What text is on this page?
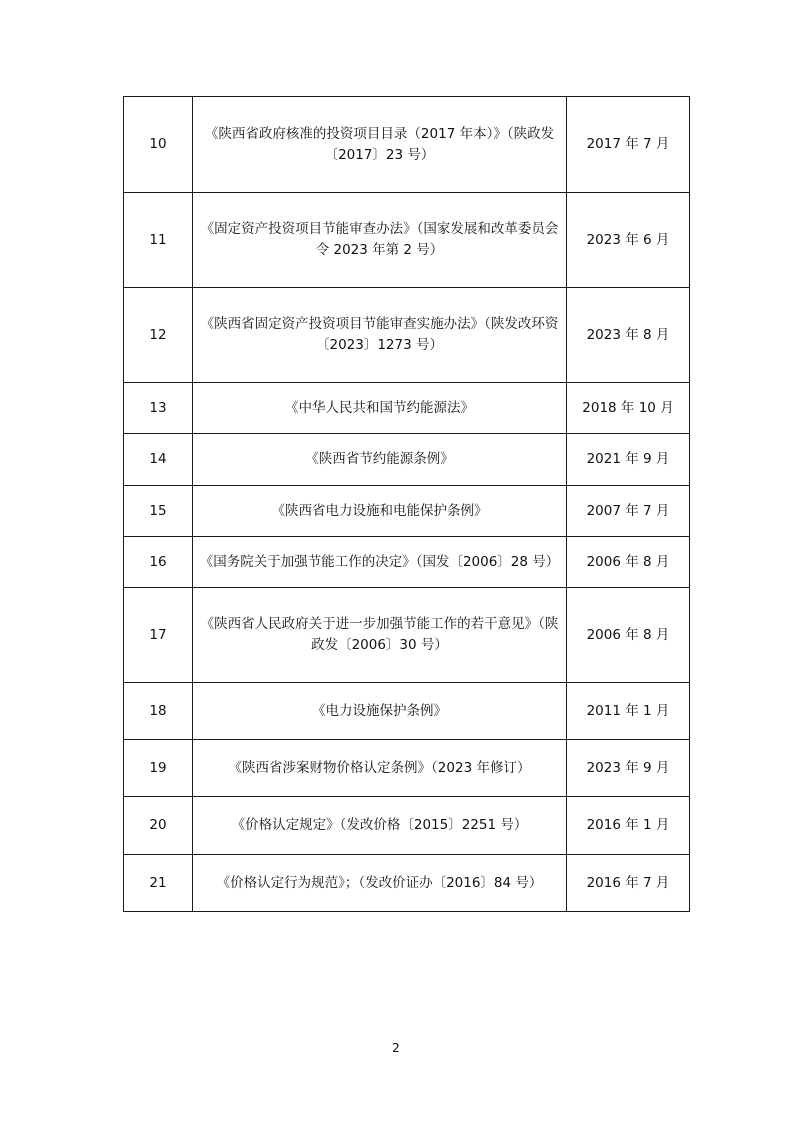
10	《陕西省政府核准的投资项目目录（2017 年本）》（陕政发〔2017〕23 号）	2017 年 7 月
11	《固定资产投资项目节能审查办法》（国家发展和改革委员会令 2023 年第 2 号）	2023 年 6 月
12	《陕西省固定资产投资项目节能审查实施办法》（陕发改环资〔2023〕1273 号）	2023 年 8 月
13	《中华人民共和国节约能源法》	2018 年 10 月
14	《陕西省节约能源条例》	2021 年 9 月
15	《陕西省电力设施和电能保护条例》	2007 年 7 月
16	《国务院关于加强节能工作的决定》（国发〔2006〕28 号）	2006 年 8 月
17	《陕西省人民政府关于进一步加强节能工作的若干意见》（陕政发〔2006〕30 号）	2006 年 8 月
18	《电力设施保护条例》	2011 年 1 月
19	《陕西省涉案财物价格认定条例》（2023 年修订）	2023 年 9 月
20	《价格认定规定》（发改价格〔2015〕2251 号）	2016 年 1 月
21	《价格认定行为规范》；（发改价证办〔2016〕84 号）	2016 年 7 月
2
